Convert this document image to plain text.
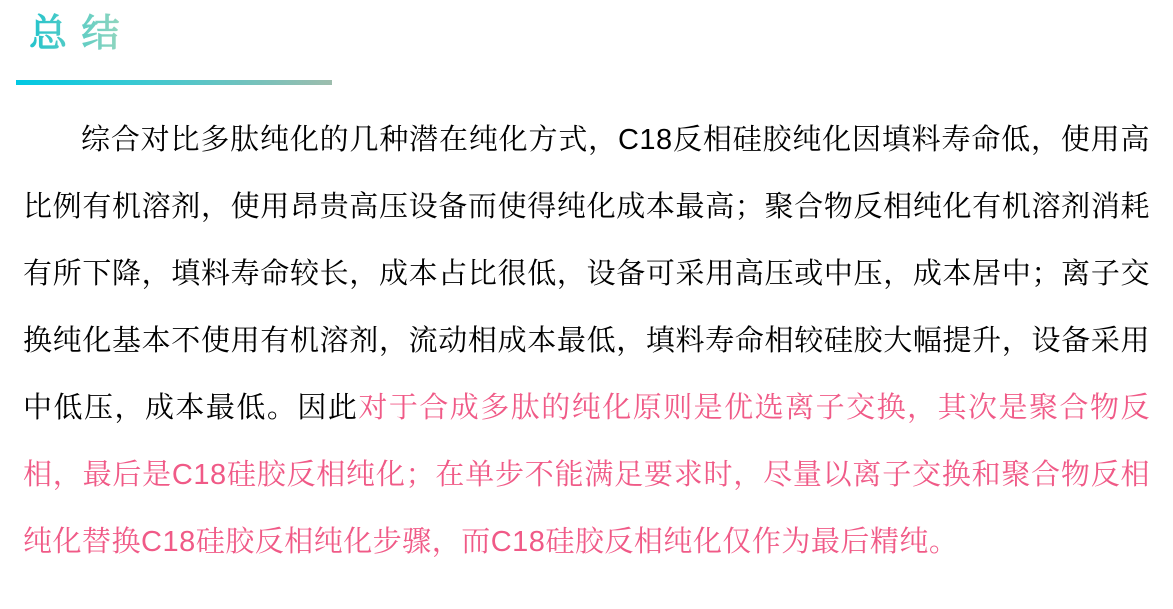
总 结

综合对比多肽纯化的几种潜在纯化方式，C18反相硅胶纯化因填料寿命低，使用高比例有机溶剂，使用昂贵高压设备而使得纯化成本最高；聚合物反相纯化有机溶剂消耗有所下降，填料寿命较长，成本占比很低，设备可采用高压或中压，成本居中；离子交换纯化基本不使用有机溶剂，流动相成本最低，填料寿命相较硅胶大幅提升，设备采用中低压，成本最低。因此对于合成多肽的纯化原则是优选离子交换，其次是聚合物反相，最后是C18硅胶反相纯化；在单步不能满足要求时，尽量以离子交换和聚合物反相纯化替换C18硅胶反相纯化步骤，而C18硅胶反相纯化仅作为最后精纯。
